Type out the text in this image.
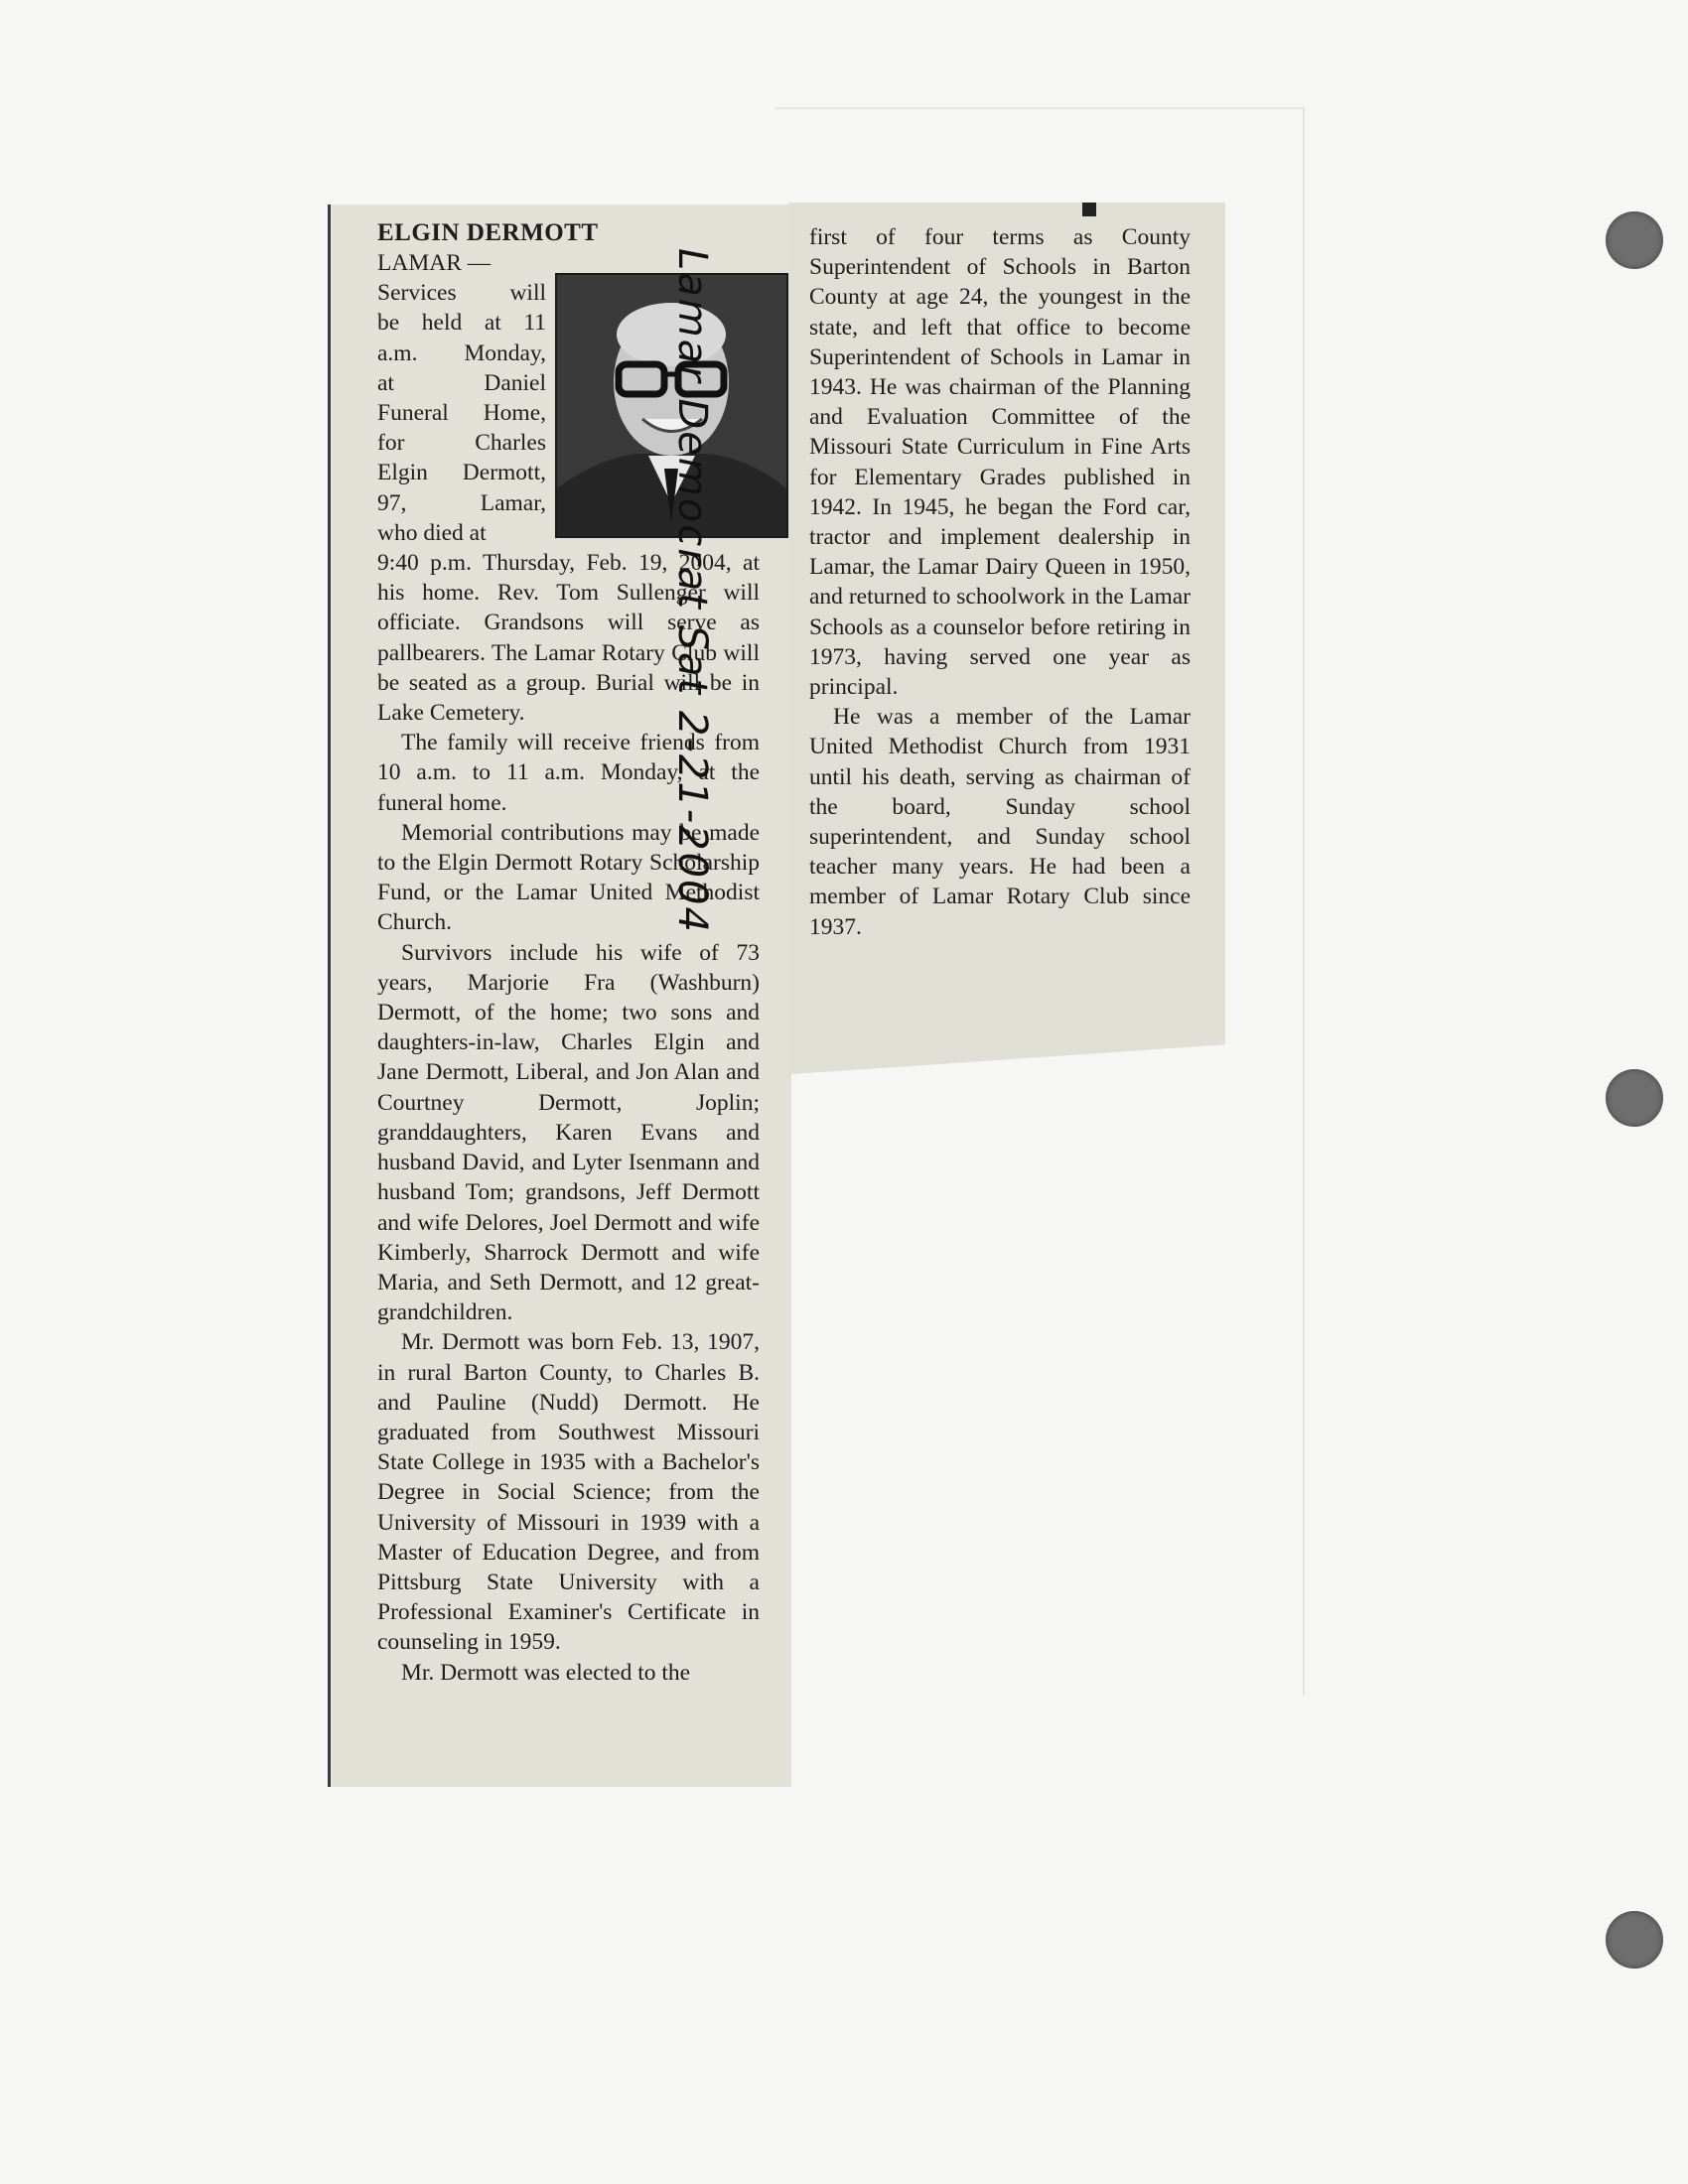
ELGIN DERMOTT

LAMAR —

Services will
be held at 11
a.m. Monday,
at Daniel
Funeral Home,
for Charles
Elgin Dermott,
97, Lamar,
who died at

9:40 p.m. Thursday, Feb. 19, 2004, at his home. Rev. Tom Sullenger will officiate. Grandsons will serve as pallbearers. The Lamar Rotary Club will be seated as a group. Burial will be in Lake Cemetery.

The family will receive friends from 10 a.m. to 11 a.m. Monday, at the funeral home.

Memorial contributions may be made to the Elgin Dermott Rotary Scholarship Fund, or the Lamar United Methodist Church.

Survivors include his wife of 73 years, Marjorie Fra (Washburn) Dermott, of the home; two sons and daughters-in-law, Charles Elgin and Jane Dermott, Liberal, and Jon Alan and Courtney Dermott, Joplin; granddaughters, Karen Evans and husband David, and Lyter Isenmann and husband Tom; grandsons, Jeff Dermott and wife Delores, Joel Dermott and wife Kimberly, Sharrock Dermott and wife Maria, and Seth Dermott, and 12 great-grandchildren.

Mr. Dermott was born Feb. 13, 1907, in rural Barton County, to Charles B. and Pauline (Nudd) Dermott. He graduated from Southwest Missouri State College in 1935 with a Bachelor's Degree in Social Science; from the University of Missouri in 1939 with a Master of Education Degree, and from Pittsburg State University with a Professional Examiner's Certificate in counseling in 1959.

Mr. Dermott was elected to the

first of four terms as County Superintendent of Schools in Barton County at age 24, the youngest in the state, and left that office to become Superintendent of Schools in Lamar in 1943. He was chairman of the Planning and Evaluation Committee of the Missouri State Curriculum in Fine Arts for Elementary Grades published in 1942. In 1945, he began the Ford car, tractor and implement dealership in Lamar, the Lamar Dairy Queen in 1950, and returned to schoolwork in the Lamar Schools as a counselor before retiring in 1973, having served one year as principal.

He was a member of the Lamar United Methodist Church from 1931 until his death, serving as chairman of the board, Sunday school superintendent, and Sunday school teacher many years. He had been a member of Lamar Rotary Club since 1937.

Lamar Democrat Sat 2-21-2004
